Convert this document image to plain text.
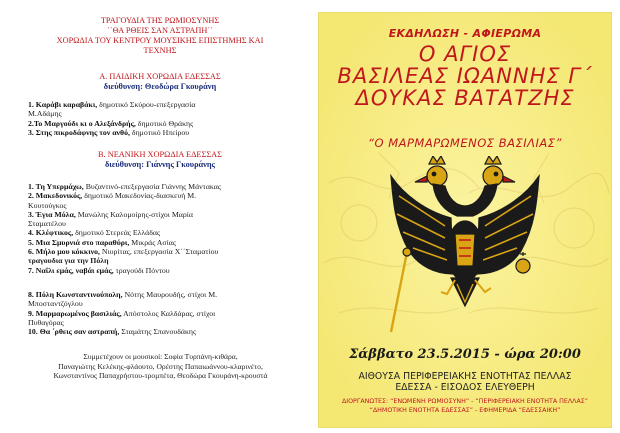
ΤΡΑΓΟΥΔΙΑ ΤΗΣ ΡΩΜΙΟΣΥΝΗΣ
΄΄ΘΑ ΡΘΕΙΣ ΣΑΝ ΑΣΤΡΑΠΗ΄΄
ΧΟΡΩΔΙΑ ΤΟΥ ΚΕΝΤΡΟΥ ΜΟΥΣΙΚΗΣ ΕΠΙΣΤΗΜΗΣ ΚΑΙ
ΤΕΧΝΗΣ
Α. ΠΑΙΔΙΚΗ ΧΟΡΩΔΙΑ ΕΔΕΣΣΑΣ
διεύθυνση: Θεοδώρα Γκουράνη
1. Καράβι καραβάκι, δημοτικό Σκύρου-επεξεργασία
Μ.Αδάμης
2.Το Μαργούδι κι ο Αλεξάνδρής, δημοτικό Θράκης
3. Στης πικροδάφνης τον ανθό, δημοτικό Ηπείρου
Β. ΝΕΑΝΙΚΗ ΧΟΡΩΔΙΑ ΕΔΕΣΣΑΣ
διεύθυνση: Γιάννης Γκουράνης
1. Τη Υπερμάχω, Βυζαντινό-επεξεργασία Γιάννης Μάντακας
2. Μακεδονικός, δημοτικό Μακεδονίας-διασκευή Μ.
Κουτούγκος
3. Έγια Μόλα, Μανώλης Καλομοίρης-στίχοι Μαρία
Σταματέλου
4. Κλέφτικος, δημοτικό Στερεάς Ελλάδας
5. Μια Σμυρνιά στο παραθύρι, Μικράς Ασίας
6. Μήλο μου κόκκινο, Νιυρίτας, επεξεργασία Χ΄΄Σταματίου
τραγουδια για την Πόλη
7. Ναΐλι εμάς, ναβάι εμάς, τραγούδι Πόντου
8. Πόλη Κωνσταντινούπολη, Νότης Μαυρουδής, στίχοι Μ.
Μποσταντζόγλου
9. Μαρμαρωμένος βασιλιάς, Απόστολος Καλδάρας, στίχοι
Πυθαγόρας
10. Θα ΄ρθεις σαν αστραπή, Σταμάτης Σπανουδάκης
Συμμετέχουν οι μουσικοί: Σοφία Τυρπάνη-κιθάρα,
Παναγιώτης Κελέκης-φλάουτο, Ορέστης Παπαιωάννου-κλαρινέτο,
Κωνσταντίνος Παπαχρήστου-τρομπέτα, Θεοδώρα Γκουράνη-κρουστά
ΕΚΔΗΛΩΣΗ - ΑΦΙΕΡΩΜΑ
Ο ΑΓΙΟΣ
ΒΑΣΙΛΕΑΣ ΙΩΑΝΝΗΣ Γ΄
ΔΟΥΚΑΣ ΒΑΤΑΤΖΗΣ
“Ο ΜΑΡΜΑΡΩΜΕΝΟΣ ΒΑΣΙΛΙΑΣ”
Σάββατο 23.5.2015 - ώρα 20:00
ΑΙΘΟΥΣΑ ΠΕΡΙΦΕΡΕΙΑΚΗΣ ΕΝΟΤΗΤΑΣ ΠΕΛΛΑΣ
ΕΔΕΣΣΑ - ΕΙΣΟΔΟΣ ΕΛΕΥΘΕΡΗ
ΔΙΟΡΓΑΝΩΤΕΣ: “ΕΝΩΜΕΝΗ ΡΩΜΙΟΣΥΝΗ” - “ΠΕΡΙΦΕΡΕΙΑΚΗ ΕΝΟΤΗΤΑ ΠΕΛΛΑΣ”
“ΔΗΜΟΤΙΚΗ ΕΝΟΤΗΤΑ ΕΔΕΣΣΑΣ” - ΕΦΗΜΕΡΙΔΑ “ΕΔΕΣΣΑΙΚΗ”
